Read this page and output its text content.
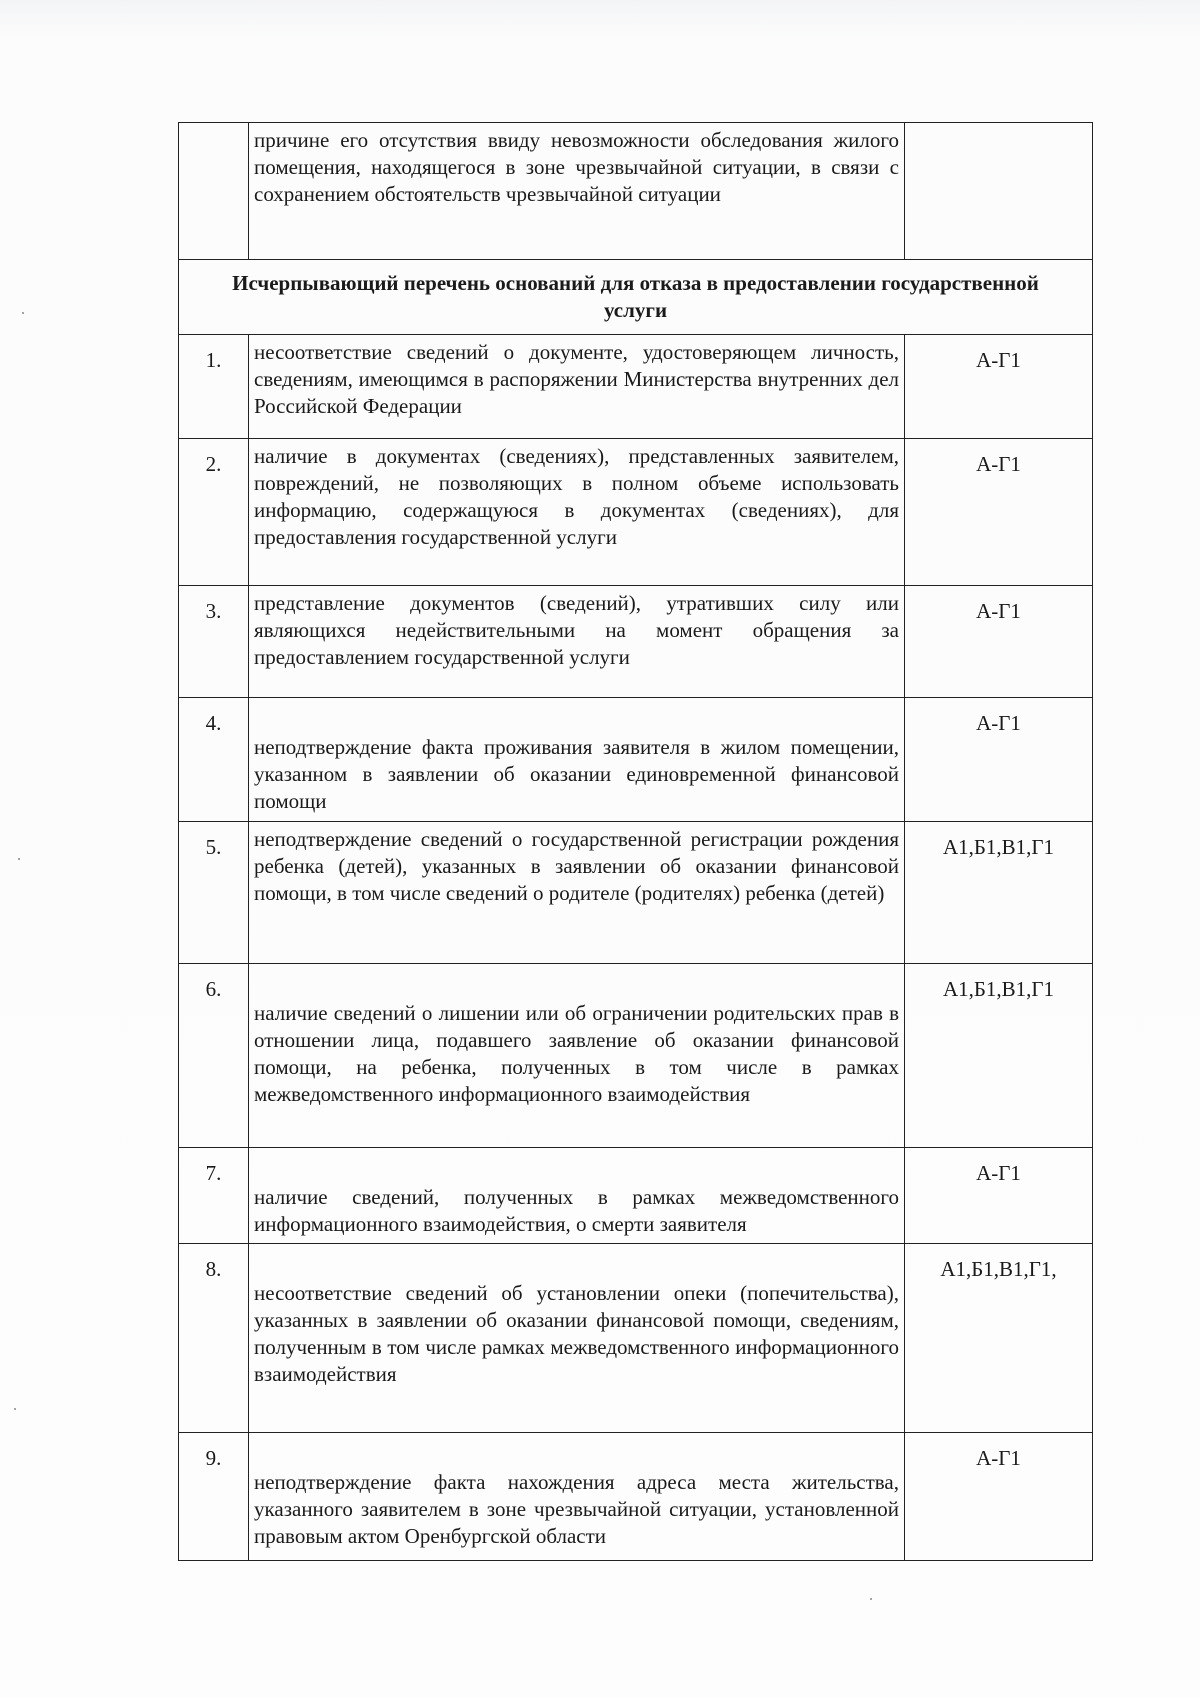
	причине его отсутствия ввиду невозможности обследования жилого помещения, находящегося в зоне чрезвычайной ситуации, в связи с сохранением обстоятельств чрезвычайной ситуации	
Исчерпывающий перечень оснований для отказа в предоставлении государственной услуги		
1.	несоответствие сведений о документе, удостоверяющем личность, сведениям, имеющимся в распоряжении Министерства внутренних дел Российской Федерации	А-Г1
2.	наличие в документах (сведениях), представленных заявителем, повреждений, не позволяющих в полном объеме использовать информацию, содержащуюся в документах (сведениях), для предоставления государственной услуги	А-Г1
3.	представление документов (сведений), утративших силу или являющихся недействительными на момент обращения за предоставлением государственной услуги	А-Г1
4.	неподтверждение факта проживания заявителя в жилом помещении, указанном в заявлении об оказании единовременной финансовой помощи	А-Г1
5.	неподтверждение сведений о государственной регистрации рождения ребенка (детей), указанных в заявлении об оказании финансовой помощи, в том числе сведений о родителе (родителях) ребенка (детей)	А1,Б1,В1,Г1
6.	наличие сведений о лишении или об ограничении родительских прав в отношении лица, подавшего заявление об оказании финансовой помощи, на ребенка, полученных в том числе в рамках межведомственного информационного взаимодействия	А1,Б1,В1,Г1
7.	наличие сведений, полученных в рамках межведомственного информационного взаимодействия, о смерти заявителя	А-Г1
8.	несоответствие сведений об установлении опеки (попечительства), указанных в заявлении об оказании финансовой помощи, сведениям, полученным в том числе рамках межведомственного информационного взаимодействия	А1,Б1,В1,Г1,
9.	неподтверждение факта нахождения адреса места жительства, указанного заявителем в зоне чрезвычайной ситуации, установленной правовым актом Оренбургской области	А-Г1
